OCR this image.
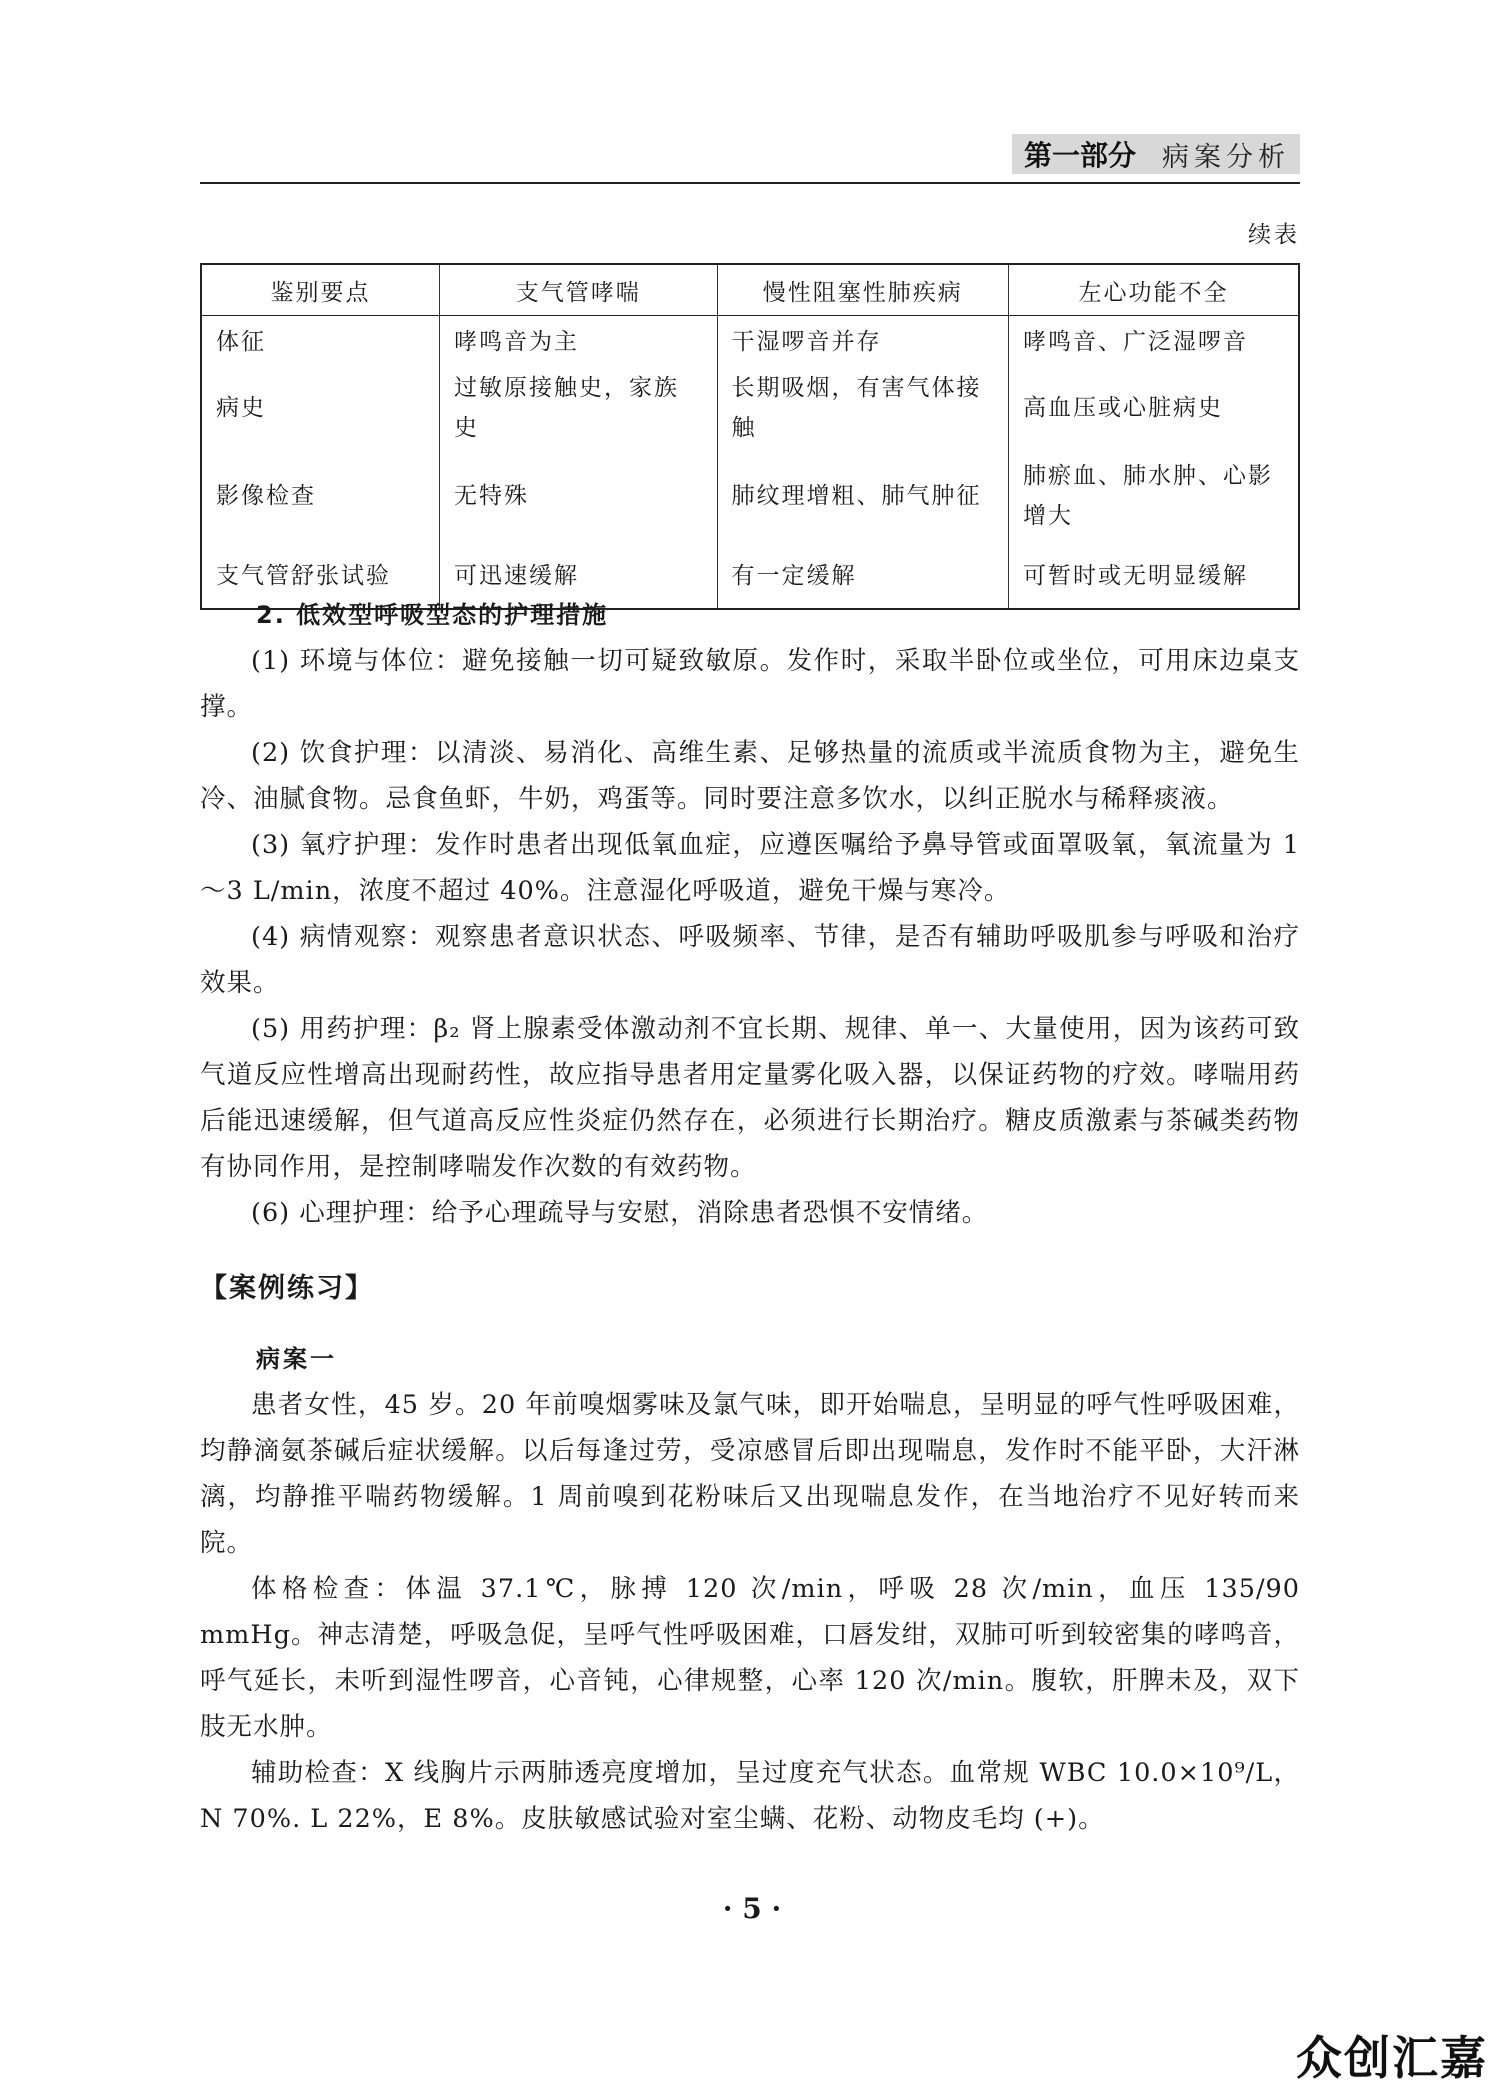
第一部分 病案分析
续表
鉴别要点	支气管哮喘	慢性阻塞性肺疾病	左心功能不全
体征	哮鸣音为主	干湿啰音并存	哮鸣音、广泛湿啰音
病史	过敏原接触史，家族史	长期吸烟，有害气体接触	高血压或心脏病史
影像检查	无特殊	肺纹理增粗、肺气肿征	肺瘀血、肺水肿、心影增大
支气管舒张试验	可迅速缓解	有一定缓解	可暂时或无明显缓解
2. 低效型呼吸型态的护理措施

(1) 环境与体位：避免接触一切可疑致敏原。发作时，采取半卧位或坐位，可用床边桌支撑。

(2) 饮食护理：以清淡、易消化、高维生素、足够热量的流质或半流质食物为主，避免生冷、油腻食物。忌食鱼虾，牛奶，鸡蛋等。同时要注意多饮水，以纠正脱水与稀释痰液。

(3) 氧疗护理：发作时患者出现低氧血症，应遵医嘱给予鼻导管或面罩吸氧，氧流量为 1～3 L/min，浓度不超过 40%。注意湿化呼吸道，避免干燥与寒冷。

(4) 病情观察：观察患者意识状态、呼吸频率、节律，是否有辅助呼吸肌参与呼吸和治疗效果。

(5) 用药护理：β₂ 肾上腺素受体激动剂不宜长期、规律、单一、大量使用，因为该药可致气道反应性增高出现耐药性，故应指导患者用定量雾化吸入器，以保证药物的疗效。哮喘用药后能迅速缓解，但气道高反应性炎症仍然存在，必须进行长期治疗。糖皮质激素与茶碱类药物有协同作用，是控制哮喘发作次数的有效药物。

(6) 心理护理：给予心理疏导与安慰，消除患者恐惧不安情绪。

【案例练习】
病案一

患者女性，45 岁。20 年前嗅烟雾味及氯气味，即开始喘息，呈明显的呼气性呼吸困难，均静滴氨茶碱后症状缓解。以后每逢过劳，受凉感冒后即出现喘息，发作时不能平卧，大汗淋漓，均静推平喘药物缓解。1 周前嗅到花粉味后又出现喘息发作，在当地治疗不见好转而来院。

体格检查：体温 37.1℃，脉搏 120 次/min，呼吸 28 次/min，血压 135/90 mmHg。神志清楚，呼吸急促，呈呼气性呼吸困难，口唇发绀，双肺可听到较密集的哮鸣音，呼气延长，未听到湿性啰音，心音钝，心律规整，心率 120 次/min。腹软，肝脾未及，双下肢无水肿。

辅助检查：X 线胸片示两肺透亮度增加，呈过度充气状态。血常规 WBC 10.0×10⁹/L，N 70%. L 22%，E 8%。皮肤敏感试验对室尘螨、花粉、动物皮毛均 (+)。

· 5 ·
众创汇嘉
